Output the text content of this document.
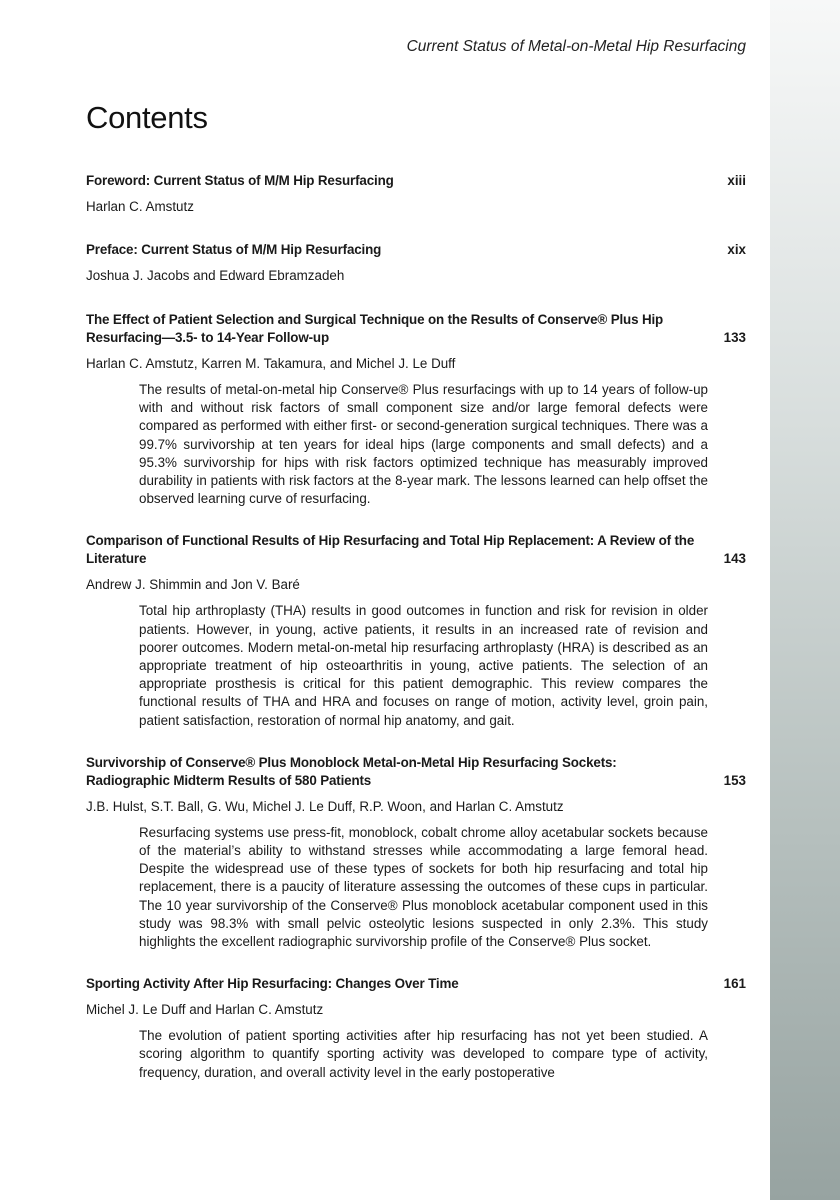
Current Status of Metal-on-Metal Hip Resurfacing
Contents
Foreword: Current Status of M/M Hip Resurfacing	xiii
Harlan C. Amstutz
Preface: Current Status of M/M Hip Resurfacing	xix
Joshua J. Jacobs and Edward Ebramzadeh
The Effect of Patient Selection and Surgical Technique on the Results of Conserve® Plus Hip Resurfacing—3.5- to 14-Year Follow-up	133
Harlan C. Amstutz, Karren M. Takamura, and Michel J. Le Duff
The results of metal-on-metal hip Conserve® Plus resurfacings with up to 14 years of follow-up with and without risk factors of small component size and/or large femoral defects were compared as performed with either first- or second-generation surgical techniques. There was a 99.7% survivorship at ten years for ideal hips (large components and small defects) and a 95.3% survivorship for hips with risk factors optimized technique has measurably improved durability in patients with risk factors at the 8-year mark. The lessons learned can help offset the observed learning curve of resurfacing.
Comparison of Functional Results of Hip Resurfacing and Total Hip Replacement: A Review of the Literature	143
Andrew J. Shimmin and Jon V. Baré
Total hip arthroplasty (THA) results in good outcomes in function and risk for revision in older patients. However, in young, active patients, it results in an increased rate of revision and poorer outcomes. Modern metal-on-metal hip resurfacing arthroplasty (HRA) is described as an appropriate treatment of hip osteoarthritis in young, active patients. The selection of an appropriate prosthesis is critical for this patient demographic. This review compares the functional results of THA and HRA and focuses on range of motion, activity level, groin pain, patient satisfaction, restoration of normal hip anatomy, and gait.
Survivorship of Conserve® Plus Monoblock Metal-on-Metal Hip Resurfacing Sockets: Radiographic Midterm Results of 580 Patients	153
J.B. Hulst, S.T. Ball, G. Wu, Michel J. Le Duff, R.P. Woon, and Harlan C. Amstutz
Resurfacing systems use press-fit, monoblock, cobalt chrome alloy acetabular sockets because of the material’s ability to withstand stresses while accommodating a large femoral head. Despite the widespread use of these types of sockets for both hip resurfacing and total hip replacement, there is a paucity of literature assessing the outcomes of these cups in particular. The 10 year survivorship of the Conserve® Plus monoblock acetabular component used in this study was 98.3% with small pelvic osteolytic lesions suspected in only 2.3%. This study highlights the excellent radiographic survivorship profile of the Conserve® Plus socket.
Sporting Activity After Hip Resurfacing: Changes Over Time	161
Michel J. Le Duff and Harlan C. Amstutz
The evolution of patient sporting activities after hip resurfacing has not yet been studied. A scoring algorithm to quantify sporting activity was developed to compare type of activity, frequency, duration, and overall activity level in the early postoperative
